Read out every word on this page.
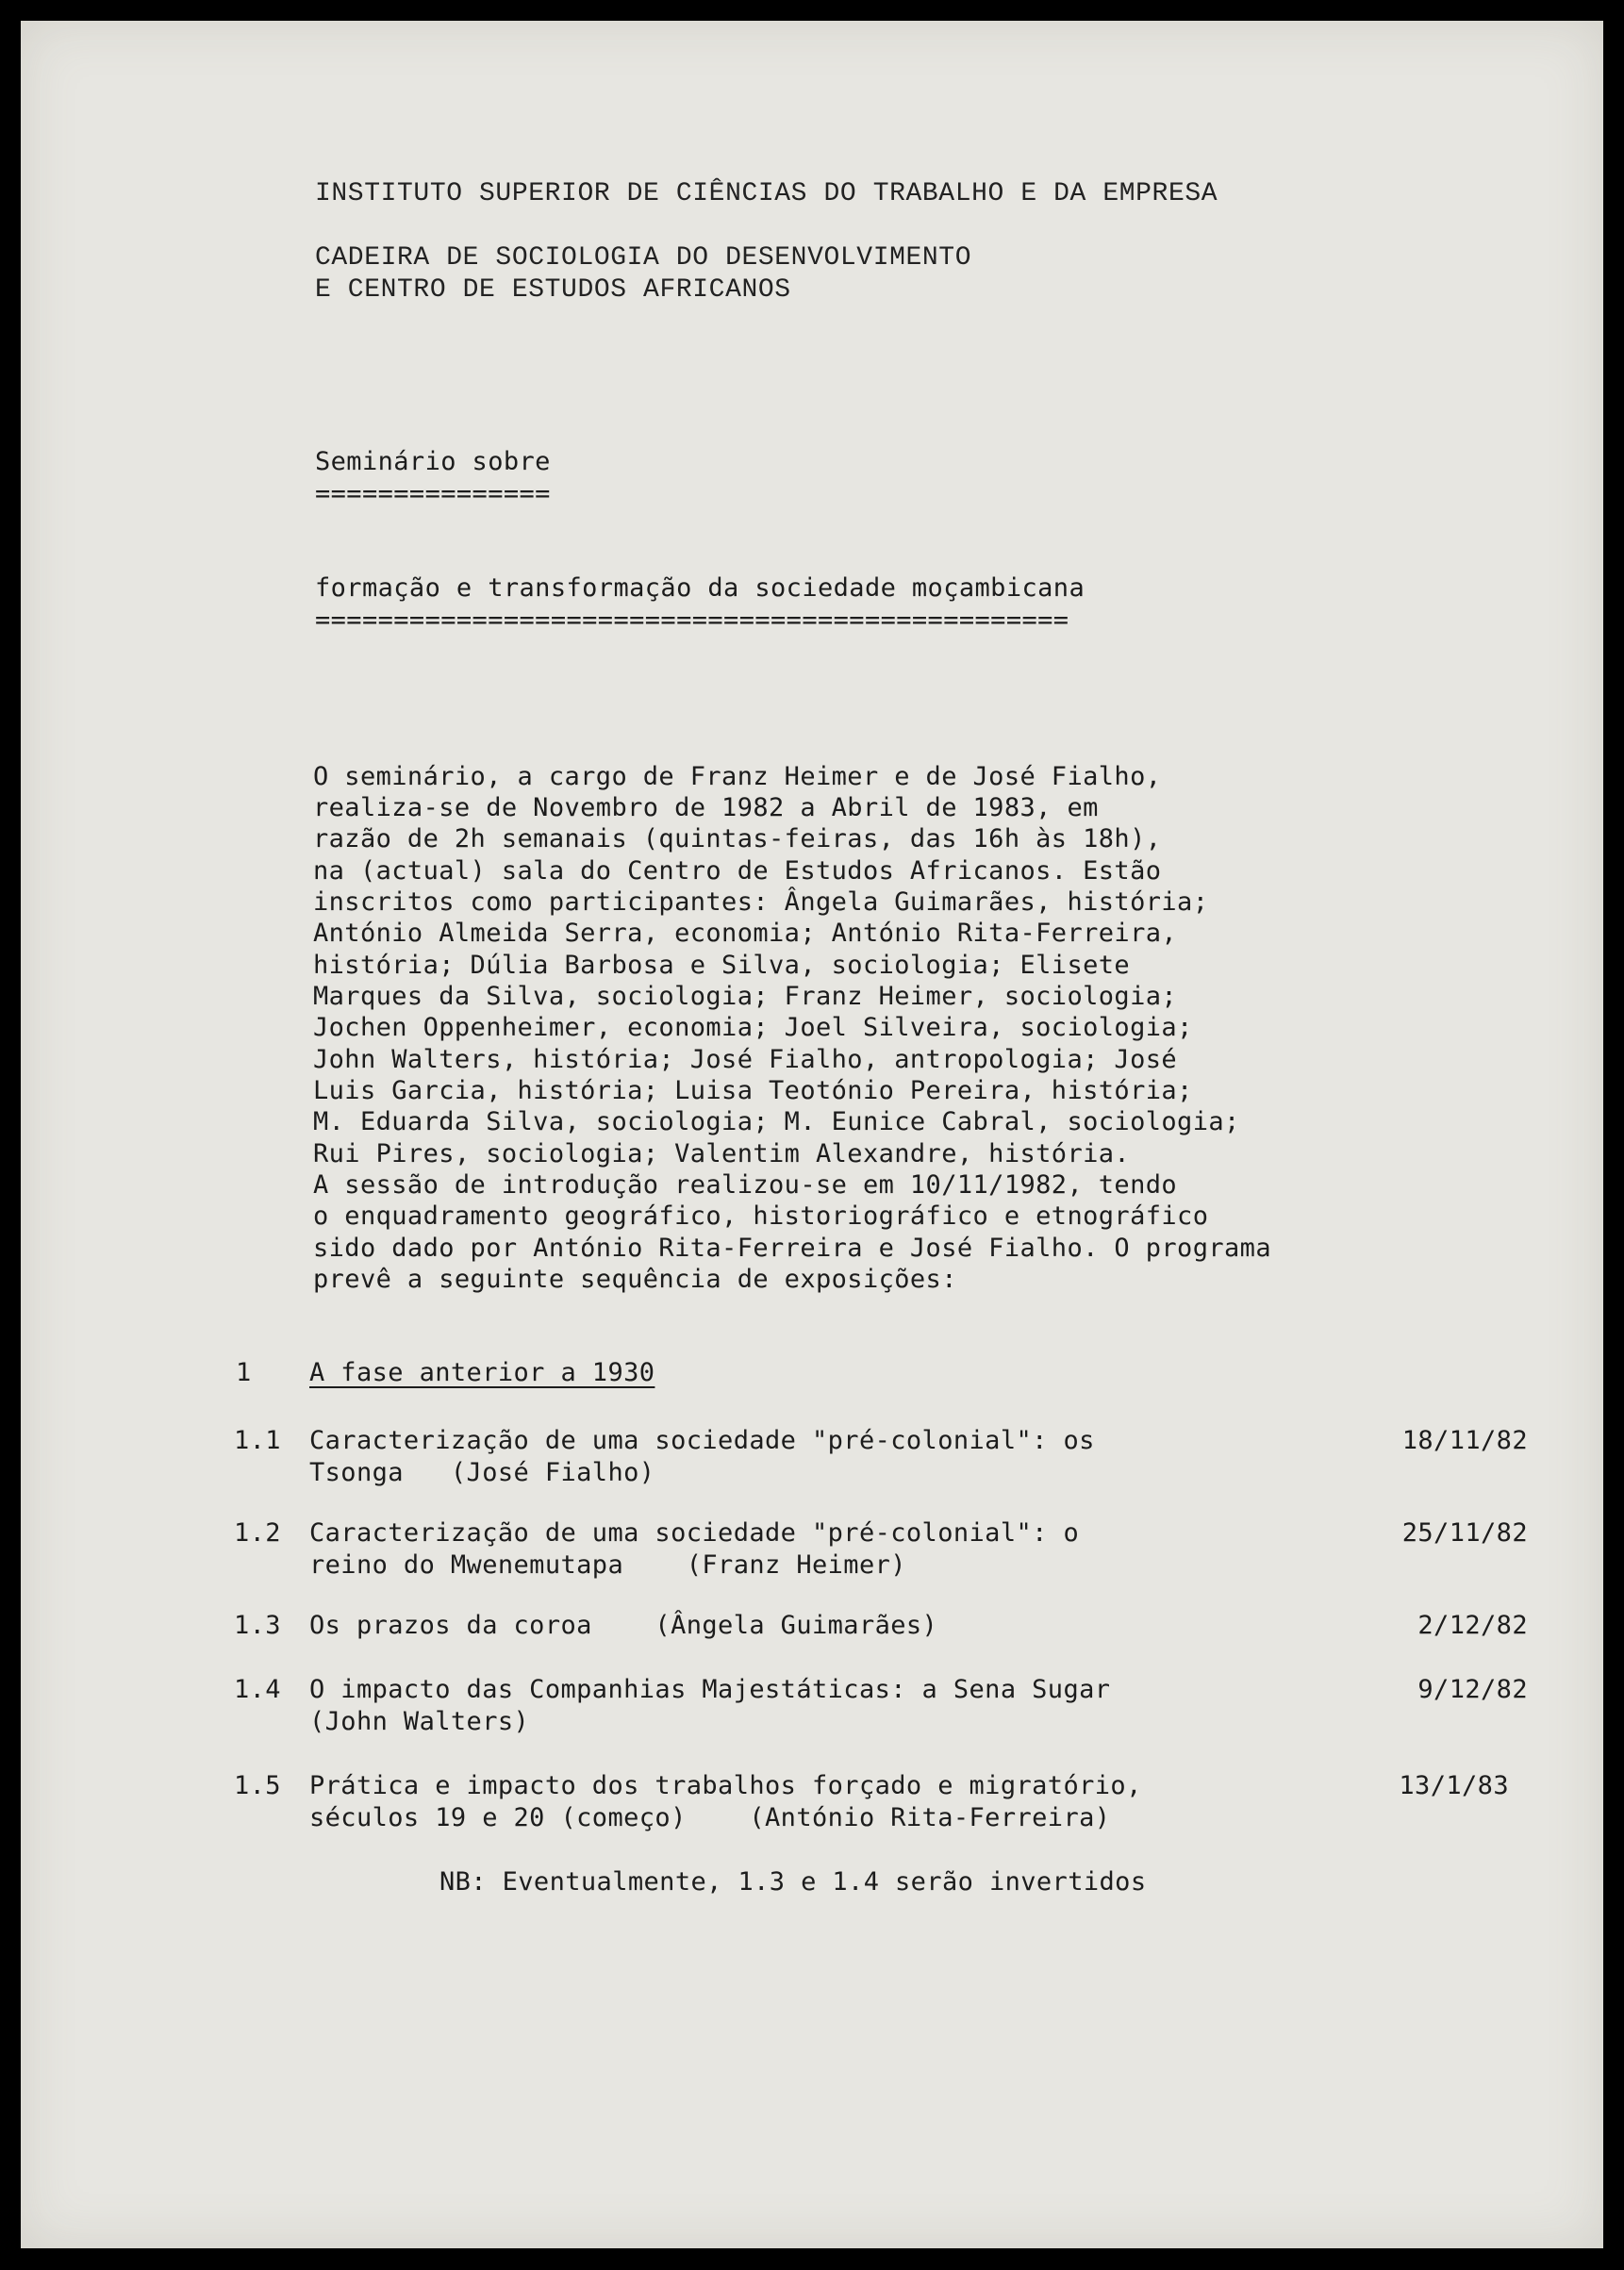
INSTITUTO SUPERIOR DE CIÊNCIAS DO TRABALHO E DA EMPRESA
CADEIRA DE SOCIOLOGIA DO DESENVOLVIMENTO
E CENTRO DE ESTUDOS AFRICANOS
Seminário sobre
===============
formação e transformação da sociedade moçambicana
================================================
O seminário, a cargo de Franz Heimer e de José Fialho,
realiza-se de Novembro de 1982 a Abril de 1983, em
razão de 2h semanais (quintas-feiras, das 16h às 18h),
na (actual) sala do Centro de Estudos Africanos. Estão
inscritos como participantes: Ângela Guimarães, história;
António Almeida Serra, economia; António Rita-Ferreira,
história; Dúlia Barbosa e Silva, sociologia; Elisete
Marques da Silva, sociologia; Franz Heimer, sociologia;
Jochen Oppenheimer, economia; Joel Silveira, sociologia;
John Walters, história; José Fialho, antropologia; José
Luis Garcia, história; Luisa Teotónio Pereira, história;
M. Eduarda Silva, sociologia; M. Eunice Cabral, sociologia;
Rui Pires, sociologia; Valentim Alexandre, história.
A sessão de introdução realizou-se em 10/11/1982, tendo
o enquadramento geográfico, historiográfico e etnográfico
sido dado por António Rita-Ferreira e José Fialho. O programa
prevê a seguinte sequência de exposições:
1 A fase anterior a 1930
1.1 Caracterização de uma sociedade "pré-colonial": os
Tsonga   (José Fialho)
18/11/82
1.2 Caracterização de uma sociedade "pré-colonial": o
reino do Mwenemutapa    (Franz Heimer)
25/11/82
1.3 Os prazos da coroa    (Ângela Guimarães)	2/12/82
1.4 O impacto das Companhias Majestáticas: a Sena Sugar
(John Walters)
9/12/82
1.5 Prática e impacto dos trabalhos forçado e migratório,
séculos 19 e 20 (começo)    (António Rita-Ferreira)
13/1/83
NB: Eventualmente, 1.3 e 1.4 serão invertidos
